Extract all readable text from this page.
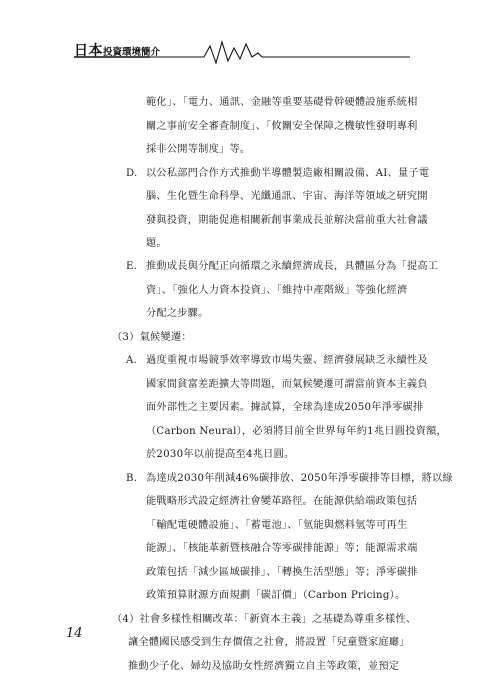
日本投資環境簡介
範化」、「電力、通訊、金融等重要基礎骨幹硬體設施系統相
關之事前安全審查制度」、「攸關安全保障之機敏性發明專利
採非公開等制度」等。
D. 以公私部門合作方式推動半導體製造廠相關設備、AI、量子電
腦、生化暨生命科學、光纖通訊、宇宙、海洋等領域之研究開
發與投資，期能促進相關新創事業成長並解決當前重大社會議
題。
E. 推動成長與分配正向循環之永續經濟成長，具體區分為「提高工
資」、「強化人力資本投資」、「維持中產階級」等強化經濟
分配之步驟。
（3）氣候變遷：
A. 過度重視市場競爭效率導致市場失靈、經濟發展缺乏永續性及
國家間貧富差距擴大等問題，而氣候變遷可謂當前資本主義負
面外部性之主要因素。據試算，全球為達成2050年淨零碳排
（Carbon Neural），必須將目前全世界每年約1兆日圓投資額，
於2030年以前提高至4兆日圓。
B. 為達成2030年削減46%碳排放、2050年淨零碳排等目標，將以綠
能戰略形式設定經濟社會變革路徑。在能源供給端政策包括
「輸配電硬體設施」、「蓄電池」、「氫能與燃料氫等可再生
能源」、「核能革新暨核融合等零碳排能源」等；能源需求端
政策包括「減少區域碳排」、「轉換生活型態」等；淨零碳排
政策預算財源方面規劃「碳訂價」（Carbon Pricing）。
（4）社會多樣性相關改革：「新資本主義」之基礎為尊重多樣性、
讓全體國民感受到生存價值之社會，將設置「兒童暨家庭廳」
推動少子化、婦幼及協助女性經濟獨立自主等政策，並預定
14
